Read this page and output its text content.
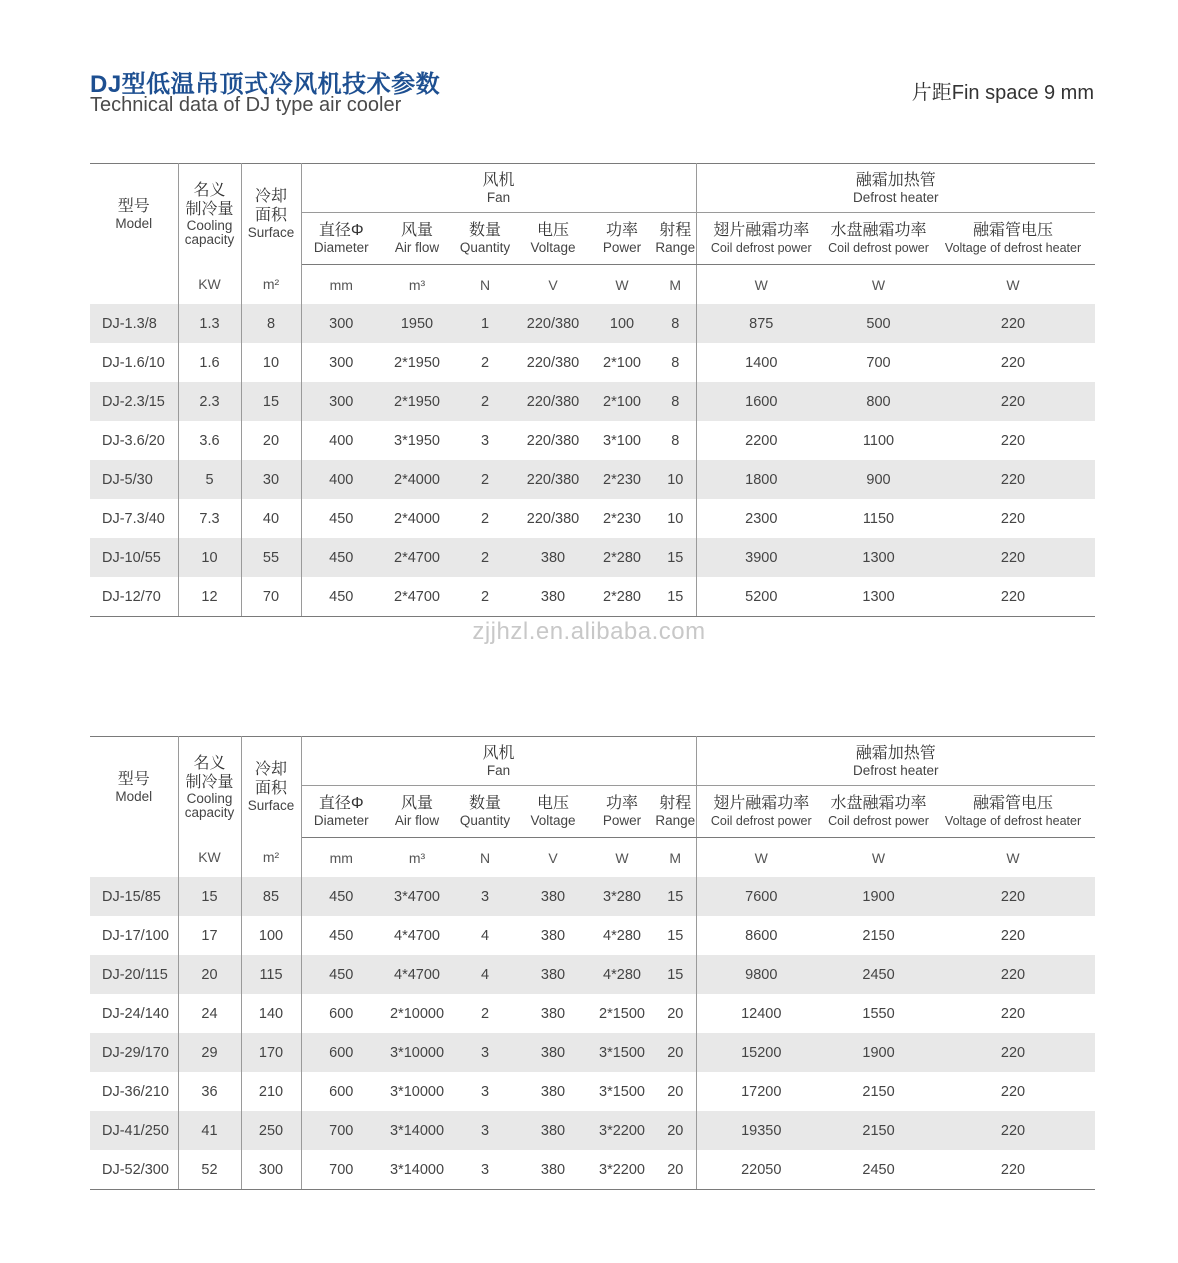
DJ型低温吊顶式冷风机技术参数
Technical data of DJ type air cooler
片距Fin space 9 mm
型号
Model	名义
制冷量
Cooling
capacity	冷却
面积
Surface	风机
Fan						融霜加热管
Defrost heater		

			直径Φ
Diameter	风量
Air flow	数量
Quantity	电压
Voltage	功率
Power	射程
Range	翅片融霜功率
Coil defrost power	水盘融霜功率
Coil defrost power	融霜管电压
Voltage of defrost heater

	KW	m²	mm	m³	N	V	W	M	W	W	W
DJ-1.3/8	1.3	8	300	1950	1	220/380	100	8	875	500	220
DJ-1.6/10	1.6	10	300	2*1950	2	220/380	2*100	8	1400	700	220
DJ-2.3/15	2.3	15	300	2*1950	2	220/380	2*100	8	1600	800	220
DJ-3.6/20	3.6	20	400	3*1950	3	220/380	3*100	8	2200	1100	220
DJ-5/30	5	30	400	2*4000	2	220/380	2*230	10	1800	900	220
DJ-7.3/40	7.3	40	450	2*4000	2	220/380	2*230	10	2300	1150	220
DJ-10/55	10	55	450	2*4700	2	380	2*280	15	3900	1300	220
DJ-12/70	12	70	450	2*4700	2	380	2*280	15	5200	1300	220
型号
Model	名义
制冷量
Cooling
capacity	冷却
面积
Surface	风机
Fan						融霜加热管
Defrost heater		

			直径Φ
Diameter	风量
Air flow	数量
Quantity	电压
Voltage	功率
Power	射程
Range	翅片融霜功率
Coil defrost power	水盘融霜功率
Coil defrost power	融霜管电压
Voltage of defrost heater

	KW	m²	mm	m³	N	V	W	M	W	W	W
DJ-15/85	15	85	450	3*4700	3	380	3*280	15	7600	1900	220
DJ-17/100	17	100	450	4*4700	4	380	4*280	15	8600	2150	220
DJ-20/115	20	115	450	4*4700	4	380	4*280	15	9800	2450	220
DJ-24/140	24	140	600	2*10000	2	380	2*1500	20	12400	1550	220
DJ-29/170	29	170	600	3*10000	3	380	3*1500	20	15200	1900	220
DJ-36/210	36	210	600	3*10000	3	380	3*1500	20	17200	2150	220
DJ-41/250	41	250	700	3*14000	3	380	3*2200	20	19350	2150	220
DJ-52/300	52	300	700	3*14000	3	380	3*2200	20	22050	2450	220
zjjhzl.en.alibaba.com
